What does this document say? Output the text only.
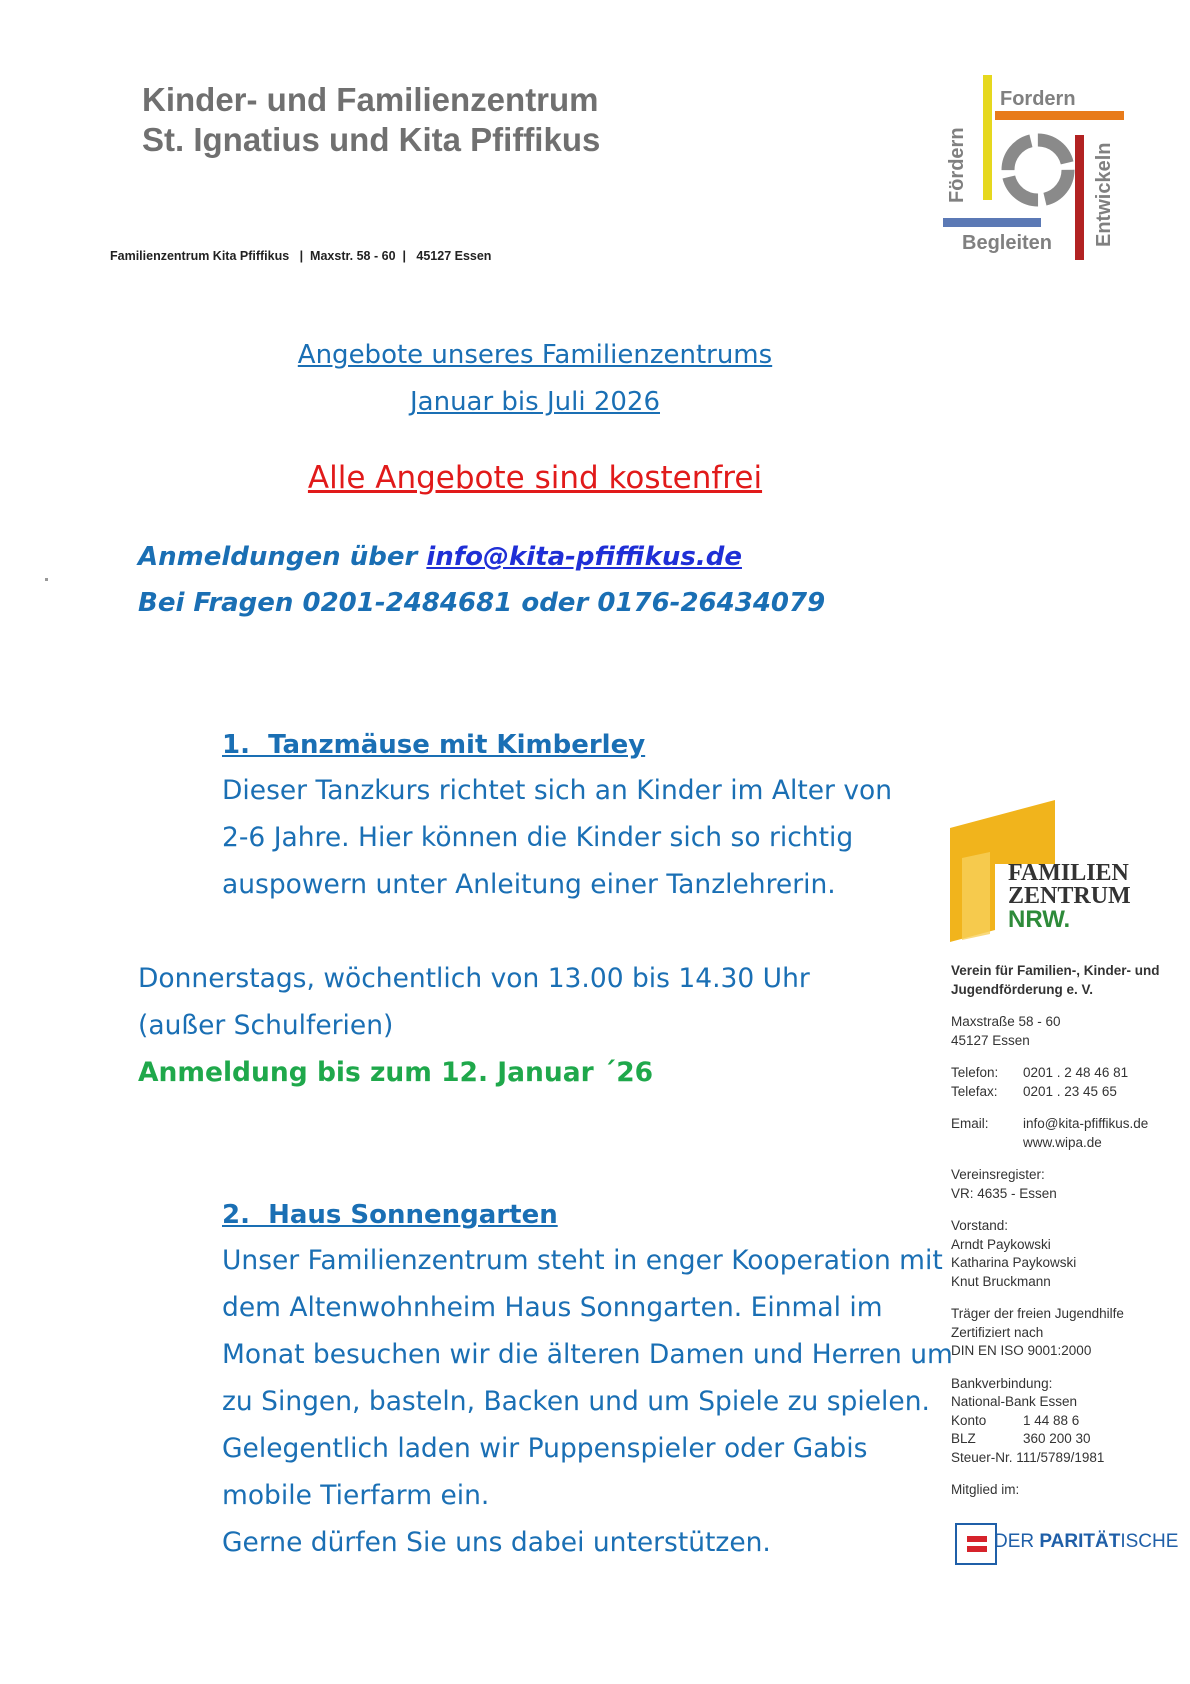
Kinder- und Familienzentrum
St. Ignatius und Kita Pfiffikus
Familienzentrum Kita Pfiffikus   |  Maxstr. 58 - 60  |   45127 Essen
Fordern
Fördern	Entwickeln
Begleiten
Angebote unseres Familienzentrums
Januar bis Juli 2026
Alle Angebote sind kostenfrei
Anmeldungen über info@kita-pfiffikus.de
Bei Fragen 0201-2484681 oder 0176-26434079
1.  Tanzmäuse mit Kimberley
Dieser Tanzkurs richtet sich an Kinder im Alter von
2-6 Jahre. Hier können die Kinder sich so richtig
auspowern unter Anleitung einer Tanzlehrerin.
Donnerstags, wöchentlich von 13.00 bis 14.30 Uhr
(außer Schulferien)
Anmeldung bis zum 12. Januar ´26
2.  Haus Sonnengarten
Unser Familienzentrum steht in enger Kooperation mit
dem Altenwohnheim Haus Sonngarten. Einmal im
Monat besuchen wir die älteren Damen und Herren um
zu Singen, basteln, Backen und um Spiele zu spielen.
Gelegentlich laden wir Puppenspieler oder Gabis
mobile Tierfarm ein.
Gerne dürfen Sie uns dabei unterstützen.
FAMILIEN
ZENTRUM
NRW.
Verein für Familien-, Kinder- und
Jugendförderung e. V.
Maxstraße 58 - 60
45127 Essen
Telefon:	0201 . 2 48 46 81
Telefax:	0201 . 23 45 65
Email:	info@kita-pfiffikus.de
www.wipa.de
Vereinsregister:
VR: 4635 - Essen
Vorstand:
Arndt Paykowski
Katharina Paykowski
Knut Bruckmann
Träger der freien Jugendhilfe
Zertifiziert nach
DIN EN ISO 9001:2000
Bankverbindung:
National-Bank Essen
Konto	1 44 88 6
BLZ	360 200 30
Steuer-Nr. 111/5789/1981
Mitglied im:
DER PARITÄTISCHE
